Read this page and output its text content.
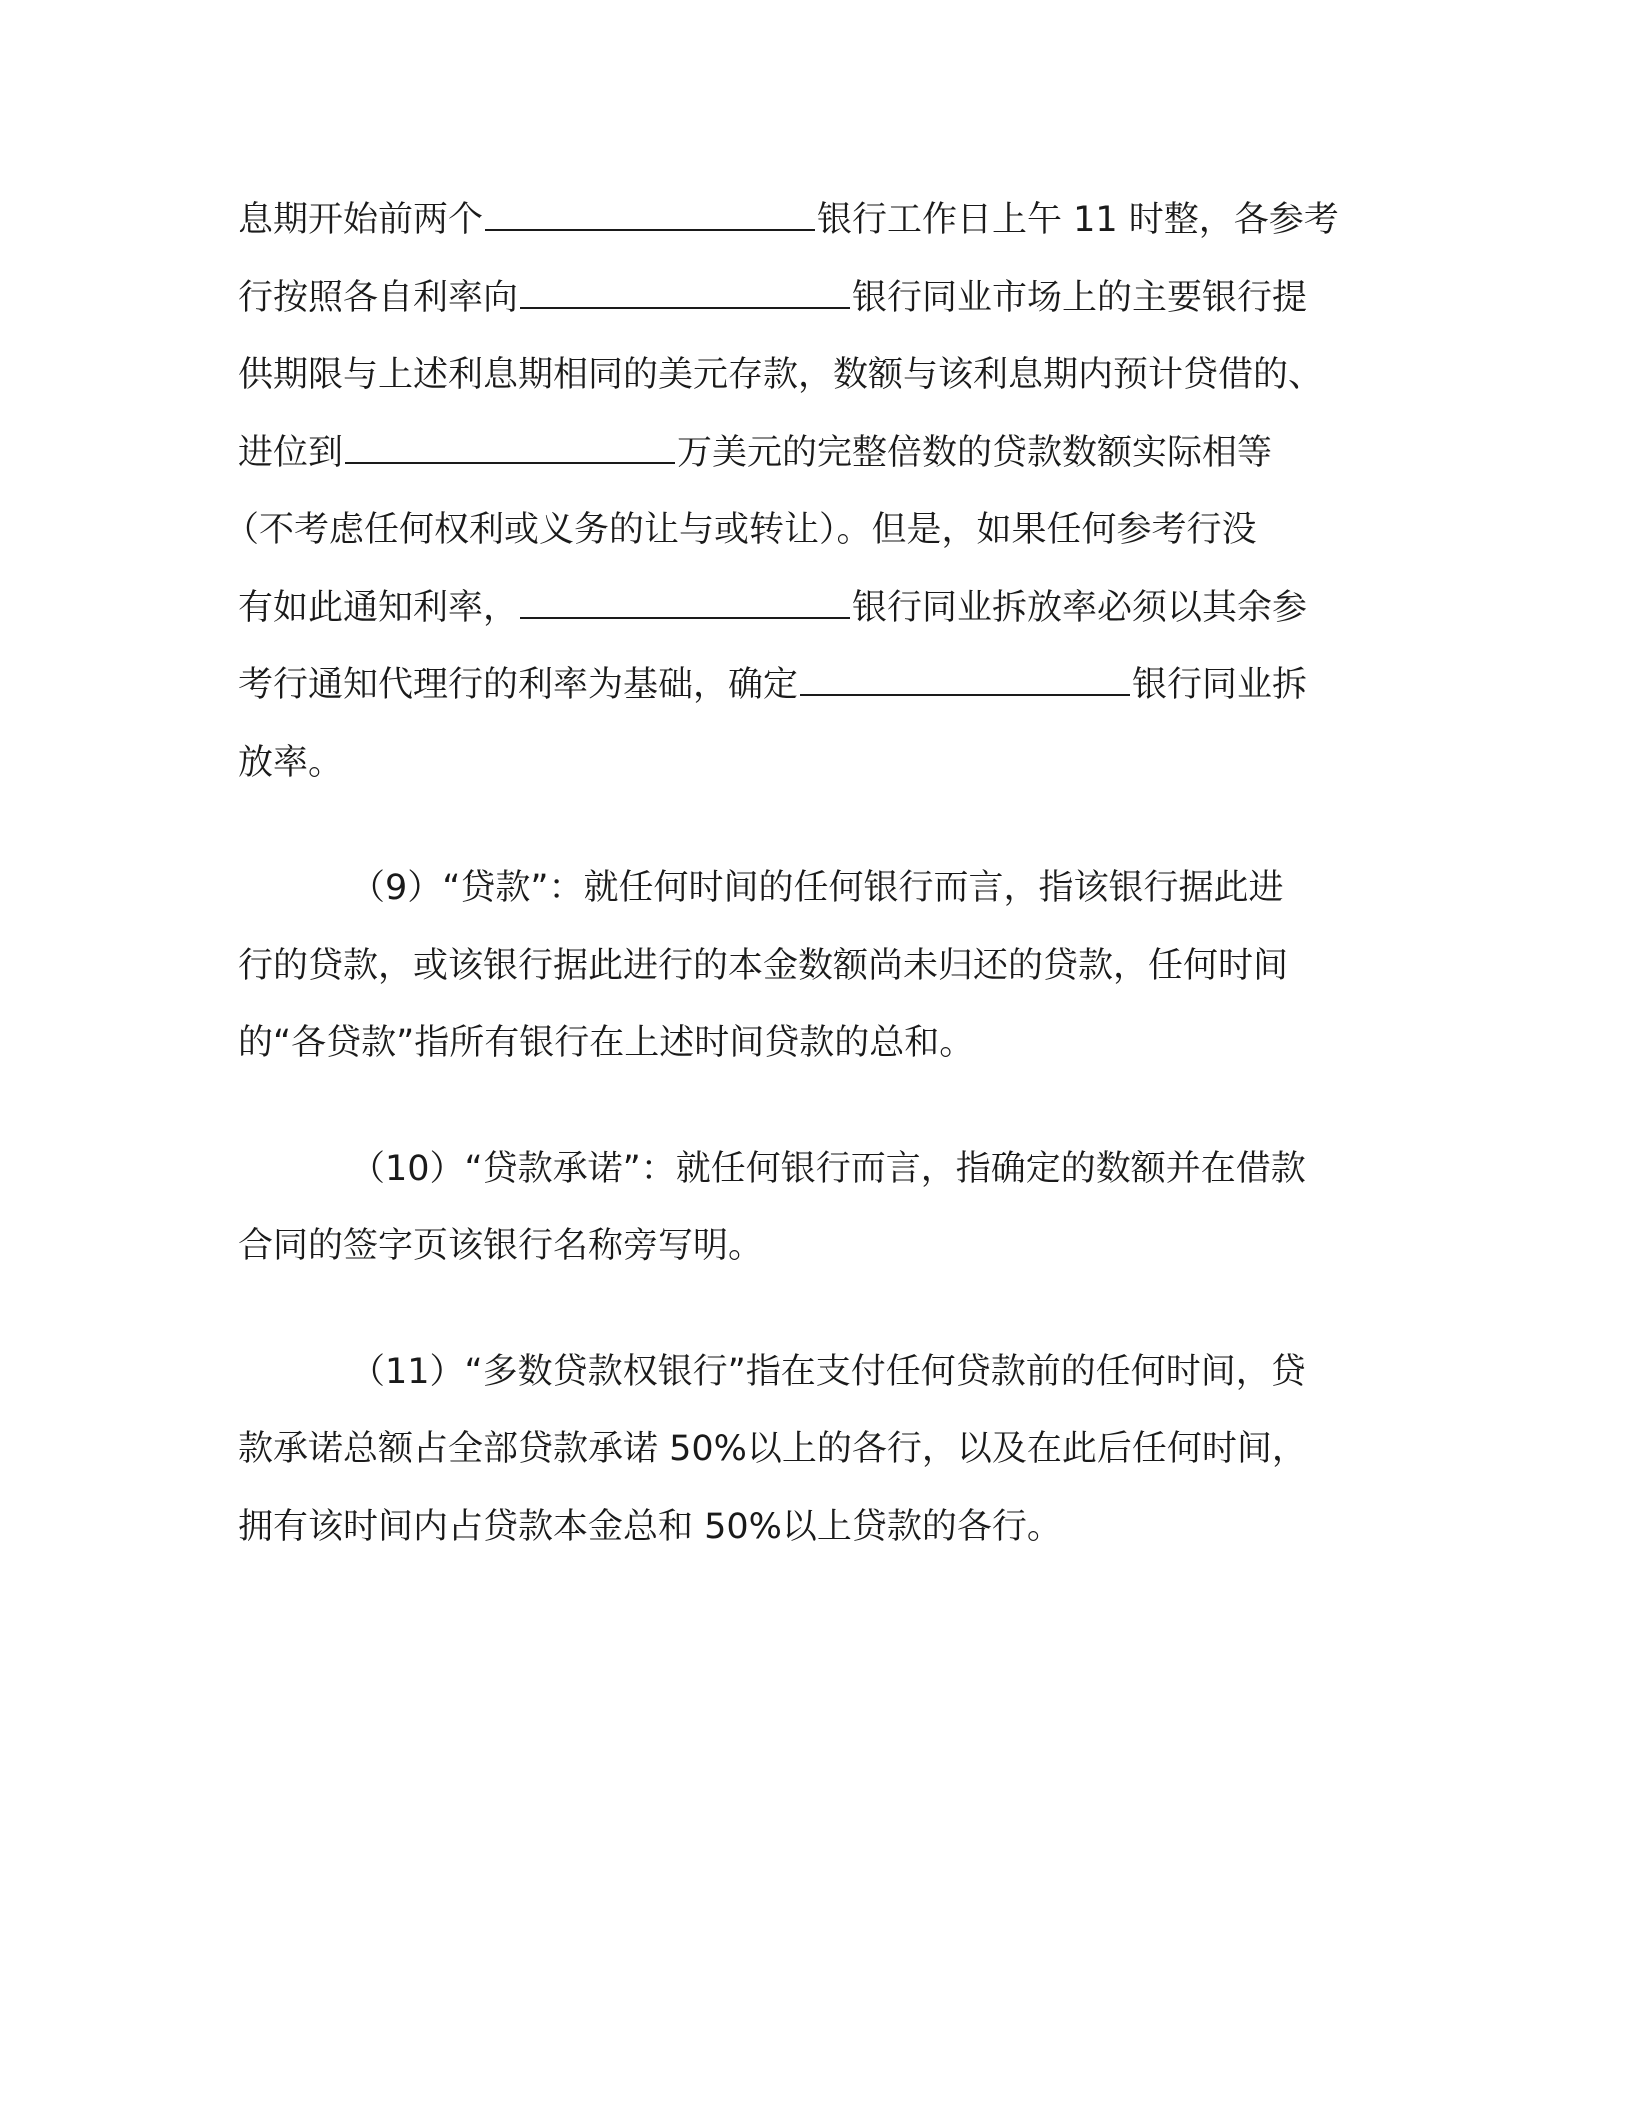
息期开始前两个	银行工作日上午 11 时整，各参考
行按照各自利率向	银行同业市场上的主要银行提
供期限与上述利息期相同的美元存款，数额与该利息期内预计贷借的、
进位到	万美元的完整倍数的贷款数额实际相等
（不考虑任何权利或义务的让与或转让）。但是，如果任何参考行没
有如此通知利率，	银行同业拆放率必须以其余参
考行通知代理行的利率为基础，确定	银行同业拆
放率。

（9）“贷款”：就任何时间的任何银行而言，指该银行据此进
行的贷款，或该银行据此进行的本金数额尚未归还的贷款，任何时间
的“各贷款”指所有银行在上述时间贷款的总和。

（10）“贷款承诺”：就任何银行而言，指确定的数额并在借款
合同的签字页该银行名称旁写明。

（11）“多数贷款权银行”指在支付任何贷款前的任何时间，贷
款承诺总额占全部贷款承诺 50%以上的各行，以及在此后任何时间，
拥有该时间内占贷款本金总和 50%以上贷款的各行。
